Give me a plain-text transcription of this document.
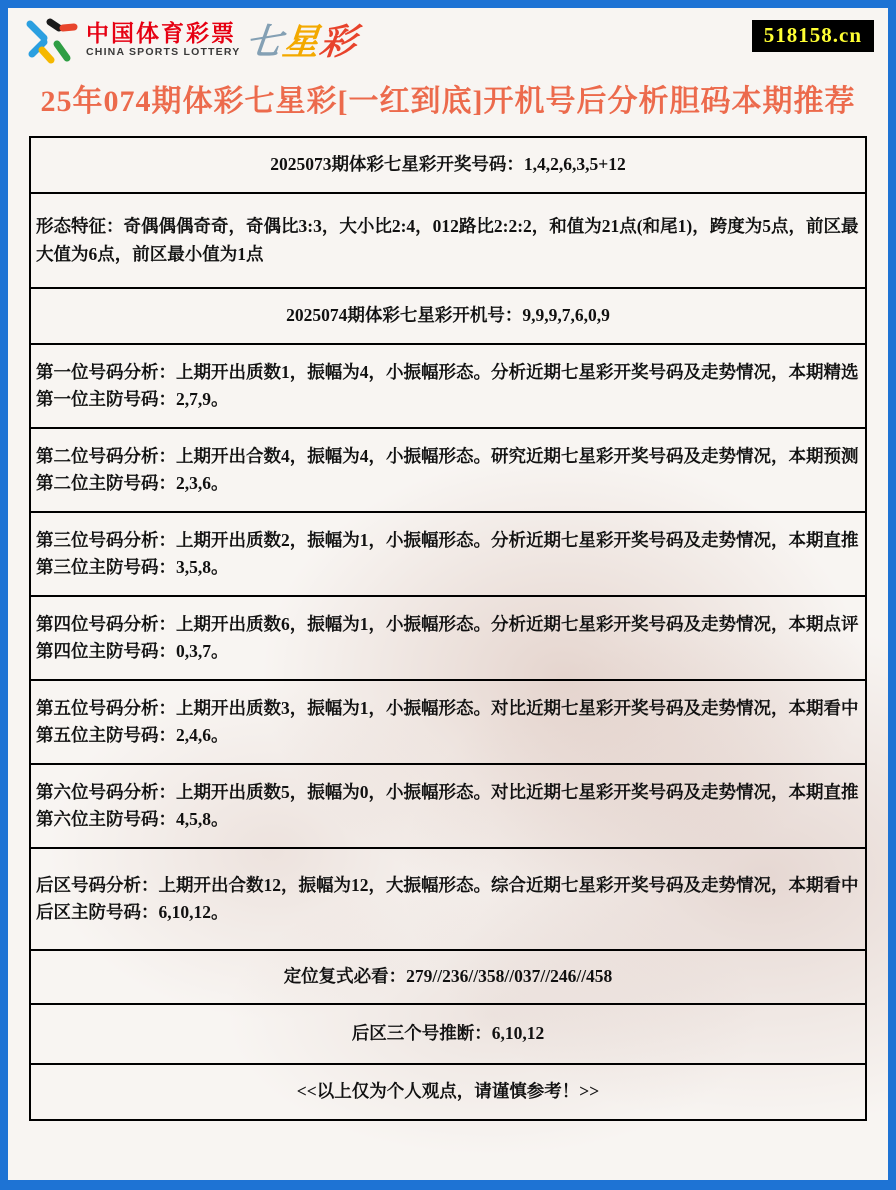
中国体育彩票
CHINA SPORTS LOTTERY 七星彩	518158.cn
25年074期体彩七星彩[一红到底]开机号后分析胆码本期推荐
2025073期体彩七星彩开奖号码：1,4,2,6,3,5+12
形态特征：奇偶偶偶奇奇，奇偶比3:3，大小比2:4，012路比2:2:2，和值为21点(和尾1)，跨度为5点，前区最大值为6点，前区最小值为1点
2025074期体彩七星彩开机号：9,9,9,7,6,0,9
第一位号码分析：上期开出质数1，振幅为4，小振幅形态。分析近期七星彩开奖号码及走势情况，本期精选第一位主防号码：2,7,9。
第二位号码分析：上期开出合数4，振幅为4，小振幅形态。研究近期七星彩开奖号码及走势情况，本期预测第二位主防号码：2,3,6。
第三位号码分析：上期开出质数2，振幅为1，小振幅形态。分析近期七星彩开奖号码及走势情况，本期直推第三位主防号码：3,5,8。
第四位号码分析：上期开出质数6，振幅为1，小振幅形态。分析近期七星彩开奖号码及走势情况，本期点评第四位主防号码：0,3,7。
第五位号码分析：上期开出质数3，振幅为1，小振幅形态。对比近期七星彩开奖号码及走势情况，本期看中第五位主防号码：2,4,6。
第六位号码分析：上期开出质数5，振幅为0，小振幅形态。对比近期七星彩开奖号码及走势情况，本期直推第六位主防号码：4,5,8。
后区号码分析：上期开出合数12，振幅为12，大振幅形态。综合近期七星彩开奖号码及走势情况，本期看中后区主防号码：6,10,12。
定位复式必看：279//236//358//037//246//458
后区三个号推断：6,10,12
<<以上仅为个人观点，请谨慎参考！>>
